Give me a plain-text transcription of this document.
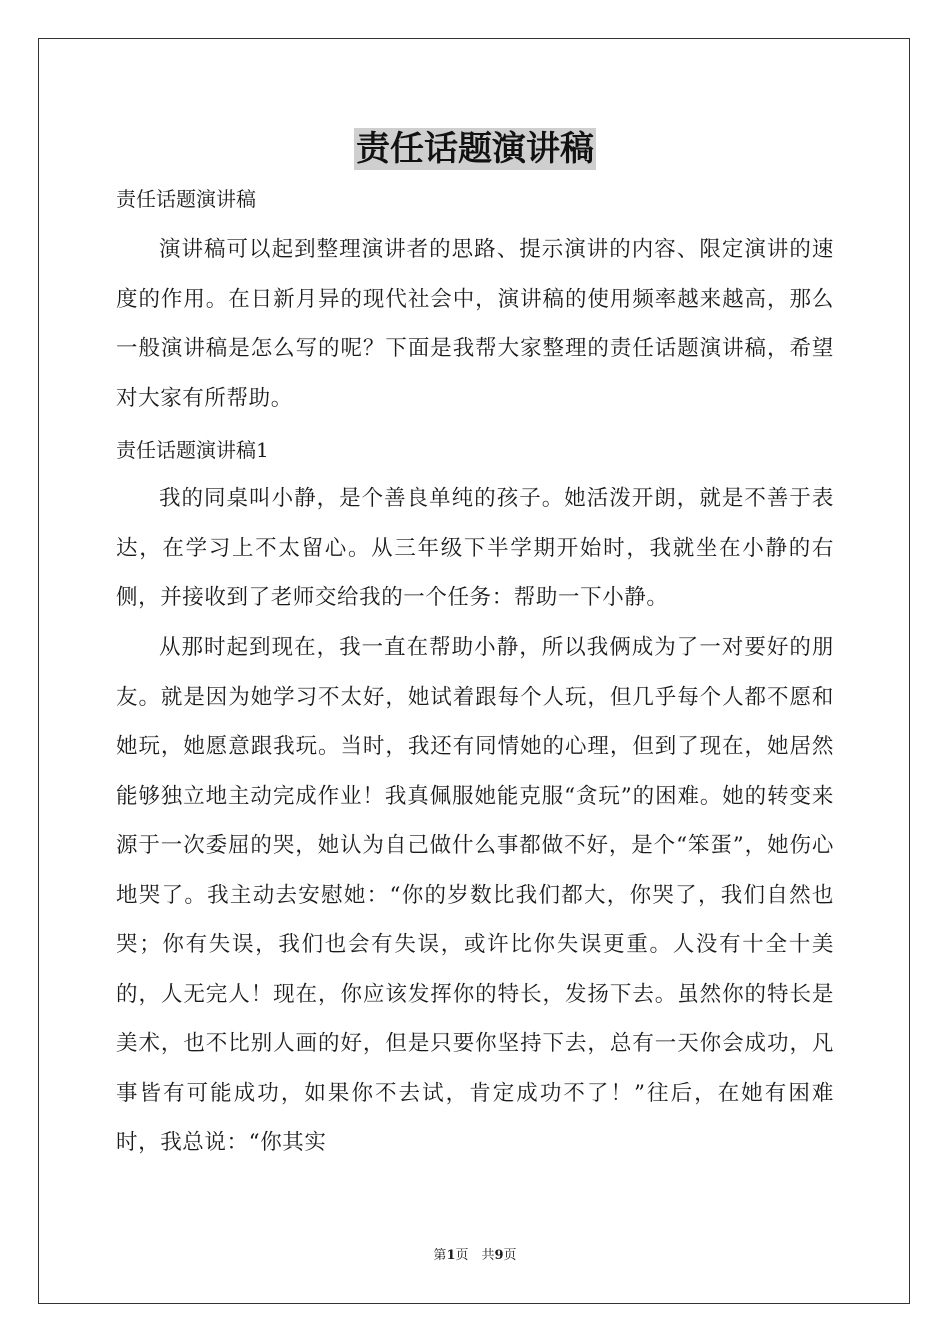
责任话题演讲稿
责任话题演讲稿

演讲稿可以起到整理演讲者的思路、提示演讲的内容、限定演讲的速度的作用。在日新月异的现代社会中，演讲稿的使用频率越来越高，那么一般演讲稿是怎么写的呢？下面是我帮大家整理的责任话题演讲稿，希望对大家有所帮助。

责任话题演讲稿1

我的同桌叫小静，是个善良单纯的孩子。她活泼开朗，就是不善于表达，在学习上不太留心。从三年级下半学期开始时，我就坐在小静的右侧，并接收到了老师交给我的一个任务：帮助一下小静。

从那时起到现在，我一直在帮助小静，所以我俩成为了一对要好的朋友。就是因为她学习不太好，她试着跟每个人玩，但几乎每个人都不愿和她玩，她愿意跟我玩。当时，我还有同情她的心理，但到了现在，她居然能够独立地主动完成作业！我真佩服她能克服“贪玩”的困难。她的转变来源于一次委屈的哭，她认为自己做什么事都做不好，是个“笨蛋”，她伤心地哭了。我主动去安慰她：“你的岁数比我们都大，你哭了，我们自然也哭；你有失误，我们也会有失误，或许比你失误更重。人没有十全十美的，人无完人！现在，你应该发挥你的特长，发扬下去。虽然你的特长是美术，也不比别人画的好，但是只要你坚持下去，总有一天你会成功，凡事皆有可能成功，如果你不去试，肯定成功不了！”往后，在她有困难时，我总说：“你其实

第1页　共9页
